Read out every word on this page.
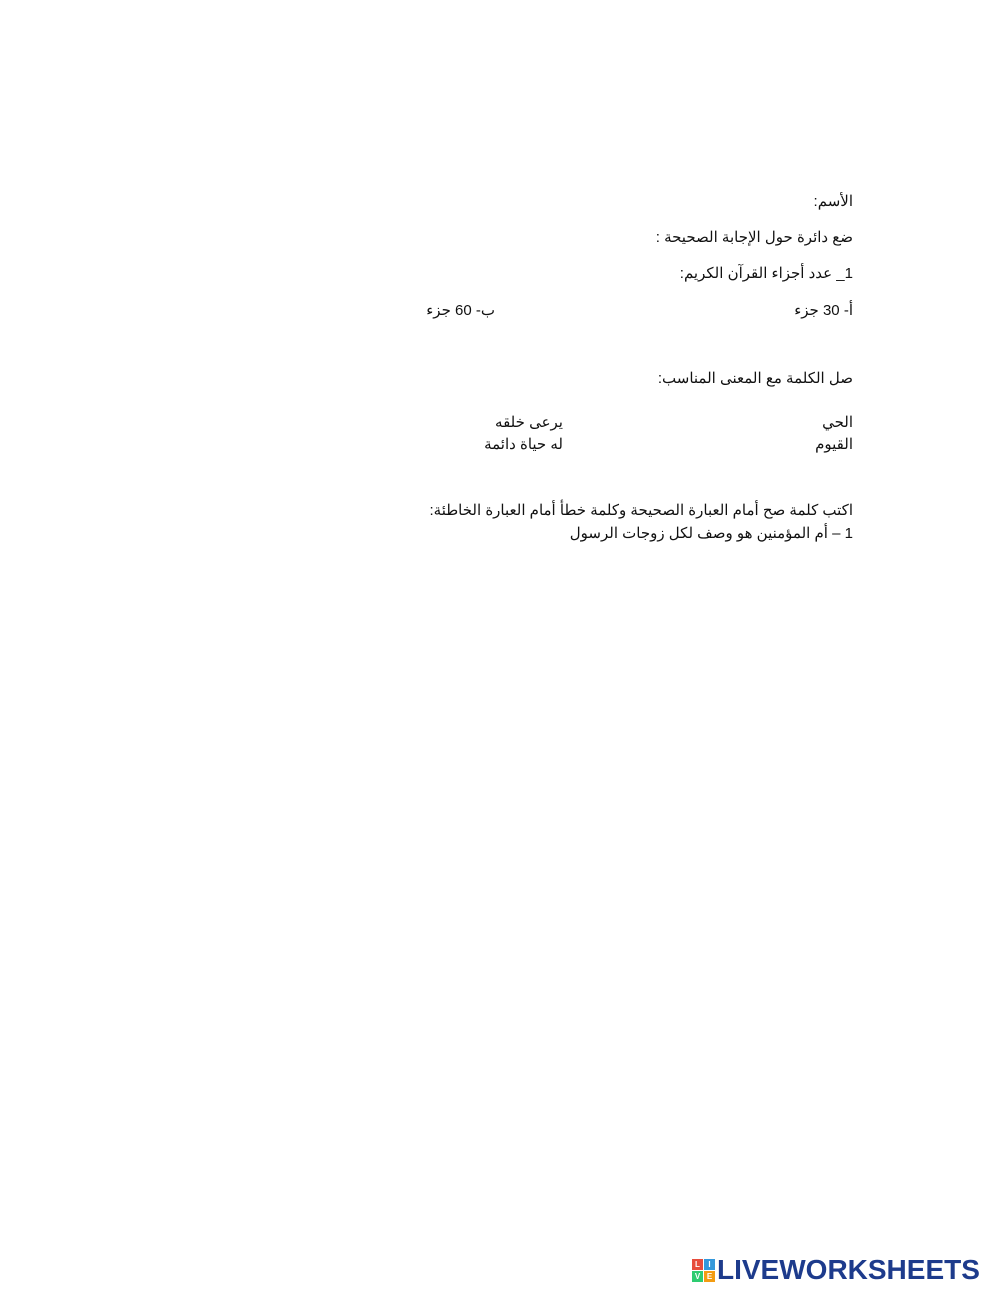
الأسم:
ضع دائرة حول الإجابة الصحيحة :
1_ عدد أجزاء القرآن الكريم:
أ- 30 جزء
ب- 60 جزء
صل الكلمة مع المعنى المناسب:
الحي
يرعى خلقه
القيوم
له حياة دائمة
اكتب كلمة صح أمام العبارة الصحيحة وكلمة خطأ أمام العبارة الخاطئة:
1 – أم المؤمنين هو وصف لكل زوجات الرسول
L	I
V E LIVEWORKSHEETS
